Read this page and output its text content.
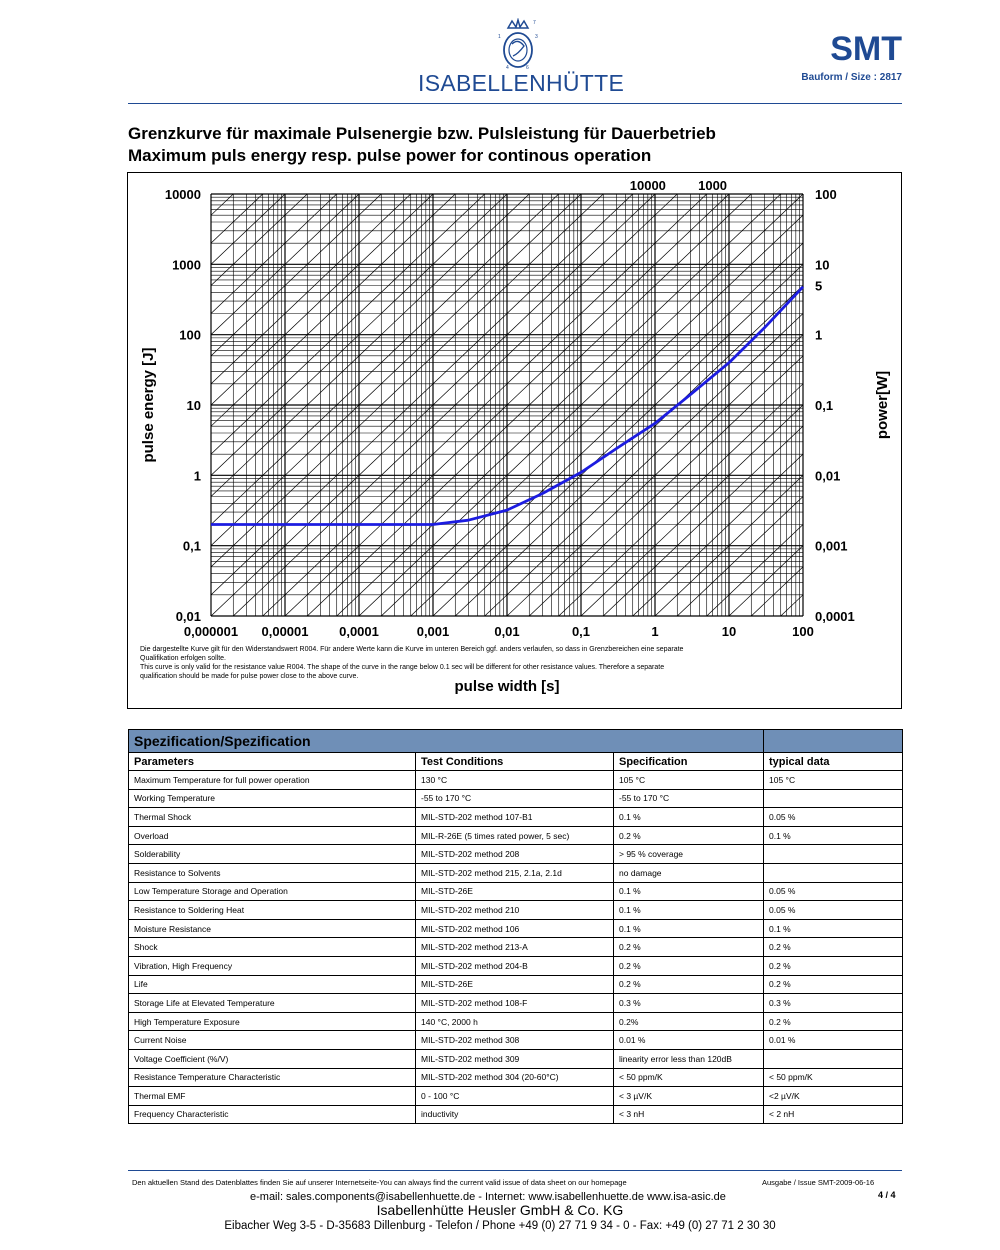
7
1	3
4	6
ISABELLENHÜTTE
SMT
Bauform / Size : 2817
Grenzkurve für maximale Pulsenergie bzw. Pulsleistung für Dauerbetrieb
Maximum puls energy resp. pulse power for continous operation
0,000001 0,00001 0,0001	0,001	0,01	0,1	1	10	100
10000
1000
100
10
1
0,1
0,01
100
10
1
0,1
0,01
0,001
0,0001
5
10000 1000
pulse width [s]
pulse energy [J]	power[W]
Die dargestellte Kurve gilt für den Widerstandswert R004. Für andere Werte kann die Kurve im unteren Bereich ggf. anders verlaufen, so dass in Grenzbereichen eine separate
Qualifikation erfolgen sollte.
This curve is only valid for the resistance value R004. The shape of the curve in the range below 0.1 sec will be different for other resistance values. Therefore a separate
qualification should be made for pulse power close to the above curve.
Spezification/Spezification			
Parameters	Test Conditions	Specification	typical data
Maximum Temperature for full power operation	130 °C	105 °C	105 °C
Working Temperature	-55 to 170 °C	-55 to 170 °C	
Thermal Shock	MIL-STD-202 method 107-B1	0.1 %	0.05 %
Overload	MIL-R-26E (5 times rated power, 5 sec)	0.2 %	0.1 %
Solderability	MIL-STD-202 method 208	> 95 % coverage	
Resistance to Solvents	MIL-STD-202 method 215, 2.1a, 2.1d	no damage	
Low Temperature Storage and Operation	MIL-STD-26E	0.1 %	0.05 %
Resistance to Soldering Heat	MIL-STD-202 method 210	0.1 %	0.05 %
Moisture Resistance	MIL-STD-202 method 106	0.1 %	0.1 %
Shock	MIL-STD-202 method 213-A	0.2 %	0.2 %
Vibration, High Frequency	MIL-STD-202 method 204-B	0.2 %	0.2 %
Life	MIL-STD-26E	0.2 %	0.2 %
Storage Life at Elevated Temperature	MIL-STD-202 method 108-F	0.3 %	0.3 %
High Temperature Exposure	140 °C, 2000 h	0.2%	0.2 %
Current Noise	MIL-STD-202 method 308	0.01 %	0.01 %
Voltage Coefficient (%/V)	MIL-STD-202 method 309	linearity error less than 120dB	
Resistance Temperature Characteristic	MIL-STD-202 method 304 (20-60°C)	< 50 ppm/K	< 50 ppm/K
Thermal EMF	0 - 100 °C	< 3 µV/K	<2 µV/K
Frequency Characteristic	inductivity	< 3 nH	< 2 nH
Den aktuellen Stand des Datenblattes finden Sie auf unserer Internetseite-You can always find the current valid issue of data sheet on our homepage	Ausgabe / Issue SMT-2009-06-16
4 / 4
e-mail: sales.components@isabellenhuette.de - Internet: www.isabellenhuette.de www.isa-asic.de
Isabellenhütte Heusler GmbH & Co. KG
Eibacher Weg 3-5 - D-35683 Dillenburg - Telefon / Phone +49 (0) 27 71 9 34 - 0 - Fax: +49 (0) 27 71 2 30 30
